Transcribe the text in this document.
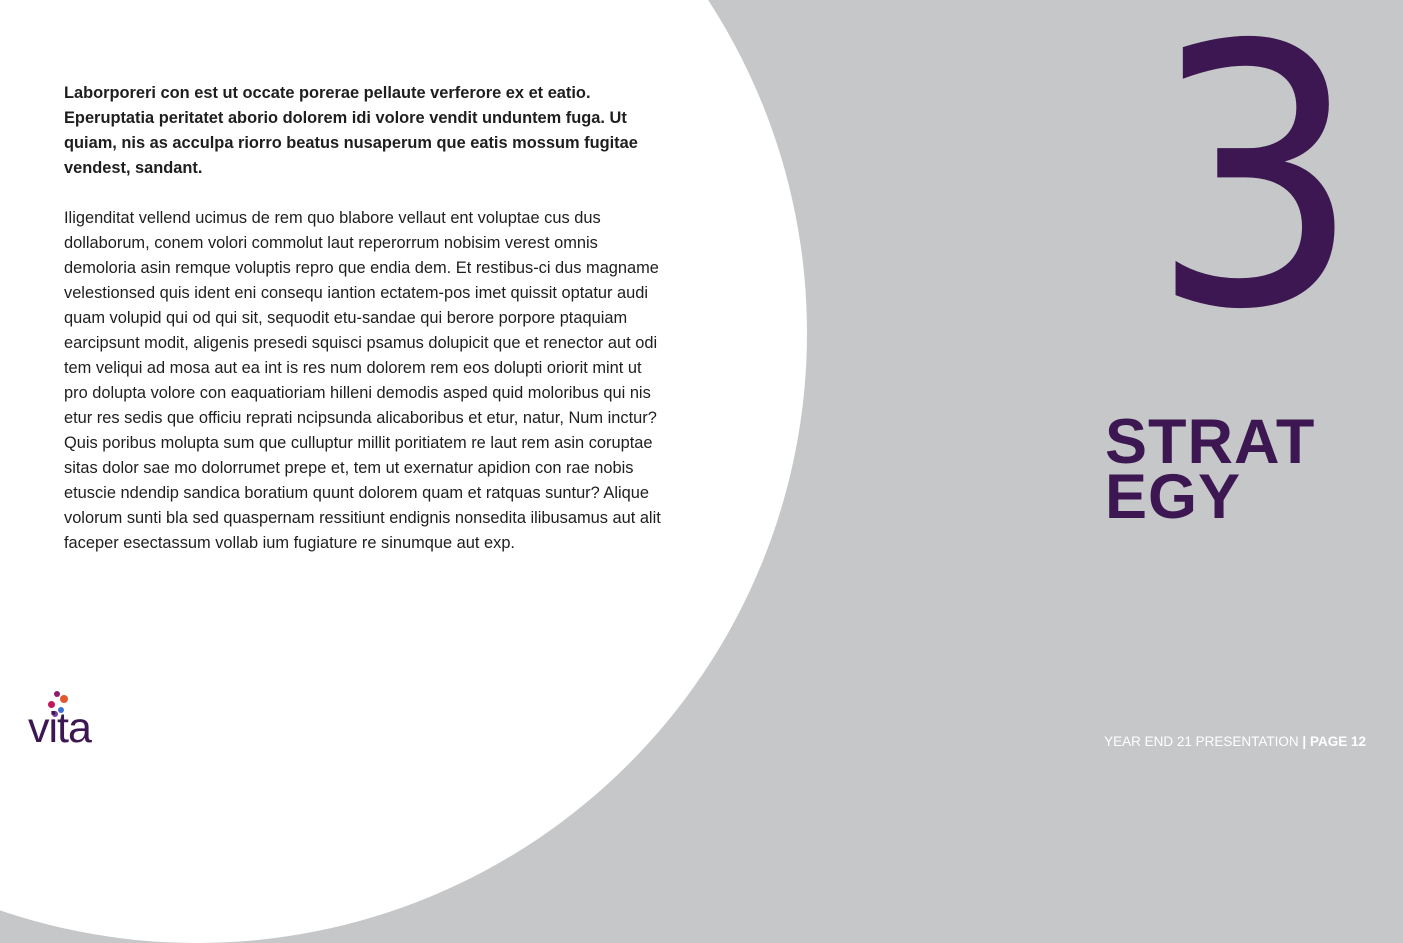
Laborporeri con est ut occate porerae pellaute verferore ex et eatio. Eperuptatia peritatet aborio dolorem idi volore vendit unduntem fuga. Ut quiam, nis as acculpa riorro beatus nusaperum que eatis mossum fugitae vendest, sandant.

Iligenditat vellend ucimus de rem quo blabore vellaut ent voluptae cus dus dollaborum, conem volori commolut laut reperorrum nobisim verest omnis demoloria asin remque voluptis repro que endia dem. Et restibus-ci dus magname velestionsed quis ident eni consequ iantion ectatem-pos imet quissit optatur audi quam volupid qui od qui sit, sequodit etu-sandae qui berore porpore ptaquiam earcipsunt modit, aligenis presedi squisci psamus dolupicit que et renector aut odi tem veliqui ad mosa aut ea int is res num dolorem rem eos dolupti oriorit mint ut pro dolupta volore con eaquatioriam hilleni demodis asped quid moloribus qui nis etur res sedis que officiu reprati ncipsunda alicaboribus et etur, natur, Num inctur? Quis poribus molupta sum que culluptur millit poritiatem re laut rem asin coruptae sitas dolor sae mo dolorrumet prepe et, tem ut exernatur apidion con rae nobis etuscie ndendip sandica boratium quunt dolorem quam et ratquas suntur? Alique volorum sunti bla sed quaspernam ressitiunt endignis nonsedita ilibusamus aut alit faceper esectassum vollab ium fugiature re sinumque aut exp.

3
STRAT
EGY
vita	YEAR END 21 PRESENTATION | PAGE 12
